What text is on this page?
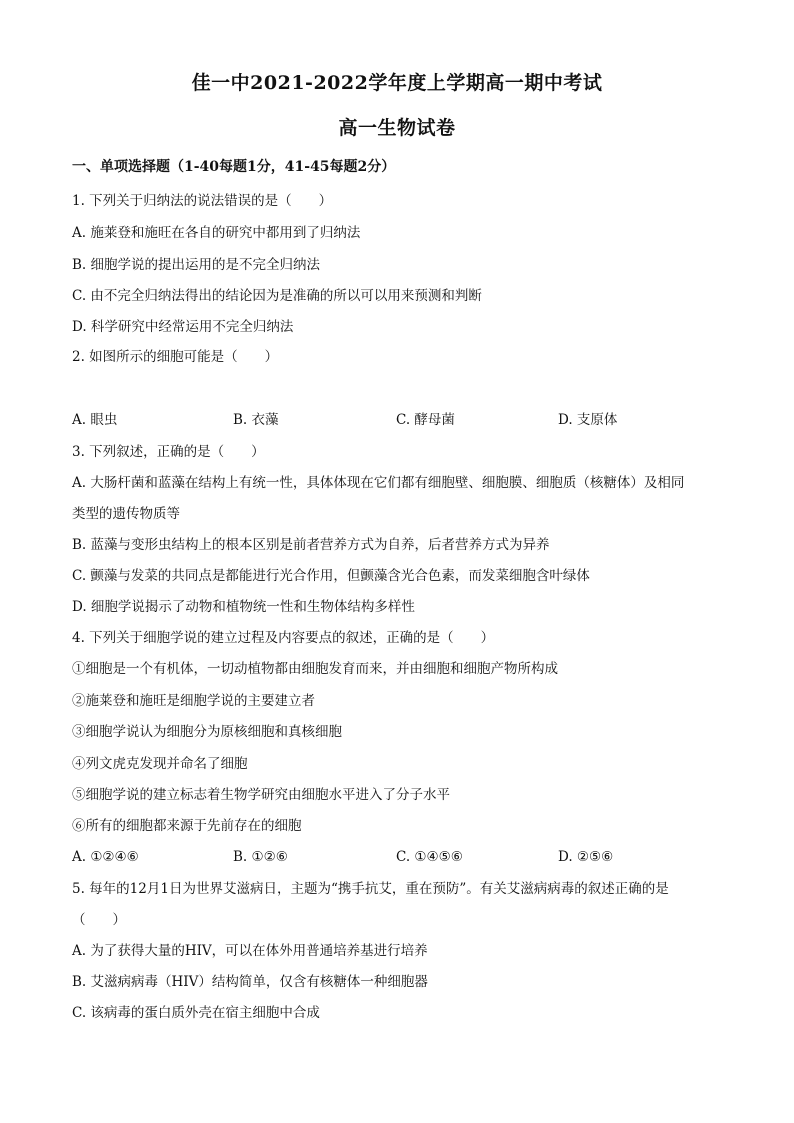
佳一中2021-2022学年度上学期高一期中考试
高一生物试卷
一、单项选择题（1-40每题1分，41-45每题2分）
1. 下列关于归纳法的说法错误的是（　　）
A. 施莱登和施旺在各自的研究中都用到了归纳法
B. 细胞学说的提出运用的是不完全归纳法
C. 由不完全归纳法得出的结论因为是准确的所以可以用来预测和判断
D. 科学研究中经常运用不完全归纳法
2. 如图所示的细胞可能是（　　）
A. 眼虫	B. 衣藻	C. 酵母菌	D. 支原体
3. 下列叙述，正确的是（　　）
A. 大肠杆菌和蓝藻在结构上有统一性，具体体现在它们都有细胞壁、细胞膜、细胞质（核糖体）及相同
类型的遗传物质等
B. 蓝藻与变形虫结构上的根本区别是前者营养方式为自养，后者营养方式为异养
C. 颤藻与发菜的共同点是都能进行光合作用，但颤藻含光合色素，而发菜细胞含叶绿体
D. 细胞学说揭示了动物和植物统一性和生物体结构多样性
4. 下列关于细胞学说的建立过程及内容要点的叙述，正确的是（　　）
①细胞是一个有机体，一切动植物都由细胞发育而来，并由细胞和细胞产物所构成
②施莱登和施旺是细胞学说的主要建立者
③细胞学说认为细胞分为原核细胞和真核细胞
④列文虎克发现并命名了细胞
⑤细胞学说的建立标志着生物学研究由细胞水平进入了分子水平
⑥所有的细胞都来源于先前存在的细胞
A. ①②④⑥	B. ①②⑥	C. ①④⑤⑥	D. ②⑤⑥
5. 每年的12月1日为世界艾滋病日，主题为“携手抗艾，重在预防”。有关艾滋病病毒的叙述正确的是
（　　）
A. 为了获得大量的HIV，可以在体外用普通培养基进行培养
B. 艾滋病病毒（HIV）结构简单，仅含有核糖体一种细胞器
C. 该病毒的蛋白质外壳在宿主细胞中合成
